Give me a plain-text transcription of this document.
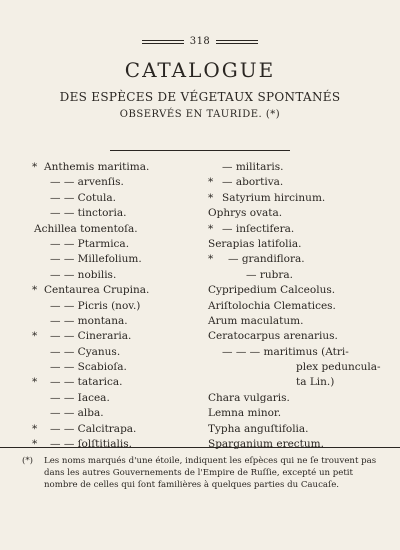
318
CATALOGUE
DES ESPÈCES DE VÉGETAUX SPONTANÉS
OBSERVÉS EN TAURIDE. (*)
* Anthemis maritima.
— — arvenſis.
— — Cotula.
— — tinctoria.
Achillea tomentoſa.
— — Ptarmica.
— — Millefolium.
— — nobilis.
* Centaurea Crupina.
— — Picris (nov.)
— — montana.
*	— — Cineraria.
— — Cyanus.
— — Scabioſa.
*	— — tatarica.
— — Iacea.
— — alba.
*	— — Calcitrapa.
*	— — ſolſtitialis.
— militaris.
* — abortiva.
* Satyrium hircinum.
Ophrys ovata.
* — inſectifera.
Serapias latifolia.
*	— grandiflora.
— rubra.
Cypripedium Calceolus.
Ariſtolochia Clematices.
Arum maculatum.
Ceratocarpus arenarius.
— — — maritimus (Atri-
plex peduncula-
ta Lin.)
Chara vulgaris.
Lemna minor.
Typha anguſtifolia.
Sparganium erectum.
(*) Les noms marqués d'une étoile, indiquent les eſpèces qui ne ſe trouvent pas dans les autres Gouvernements de l'Empire de Ruſſie, excepté un petit nombre de celles qui ſont familières à quelques parties du Caucaſe.
